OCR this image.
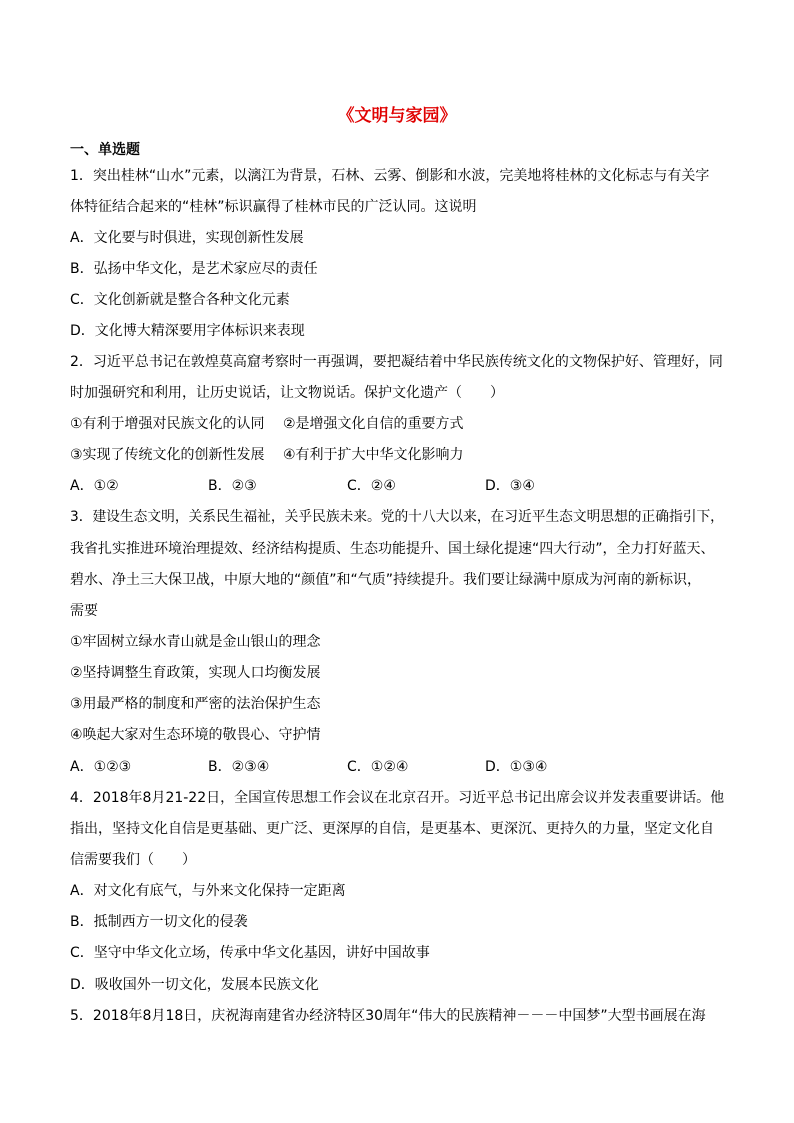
《文明与家园》
一、单选题
1．突出桂林“山水”元素，以漓江为背景，石林、云雾、倒影和水波，完美地将桂林的文化标志与有关字
体特征结合起来的“桂林”标识赢得了桂林市民的广泛认同。这说明
A．文化要与时俱进，实现创新性发展
B．弘扬中华文化，是艺术家应尽的责任
C．文化创新就是整合各种文化元素
D．文化博大精深要用字体标识来表现
2．习近平总书记在敦煌莫高窟考察时一再强调，要把凝结着中华民族传统文化的文物保护好、管理好，同
时加强研究和利用，让历史说话，让文物说话。保护文化遗产（　　）
①有利于增强对民族文化的认同　 ②是增强文化自信的重要方式
③实现了传统文化的创新性发展　 ④有利于扩大中华文化影响力
A．①②	B．②③	C．②④	D．③④
3．建设生态文明，关系民生福祉，关乎民族未来。党的十八大以来，在习近平生态文明思想的正确指引下，
我省扎实推进环境治理提效、经济结构提质、生态功能提升、国土绿化提速“四大行动”，全力打好蓝天、
碧水、净土三大保卫战，中原大地的“颜值”和“气质”持续提升。我们要让绿满中原成为河南的新标识，
需要
①牢固树立绿水青山就是金山银山的理念
②坚持调整生育政策，实现人口均衡发展
③用最严格的制度和严密的法治保护生态
④唤起大家对生态环境的敬畏心、守护情
A．①②③	B．②③④	C．①②④	D．①③④
4．2018年8月21-22日，全国宣传思想工作会议在北京召开。习近平总书记出席会议并发表重要讲话。他
指出，坚持文化自信是更基础、更广泛、更深厚的自信，是更基本、更深沉、更持久的力量，坚定文化自
信需要我们（　　）
A．对文化有底气，与外来文化保持一定距离
B．抵制西方一切文化的侵袭
C．坚守中华文化立场，传承中华文化基因，讲好中国故事
D．吸收国外一切文化，发展本民族文化
5．2018年8月18日，庆祝海南建省办经济特区30周年“伟大的民族精神－－－中国梦”大型书画展在海
